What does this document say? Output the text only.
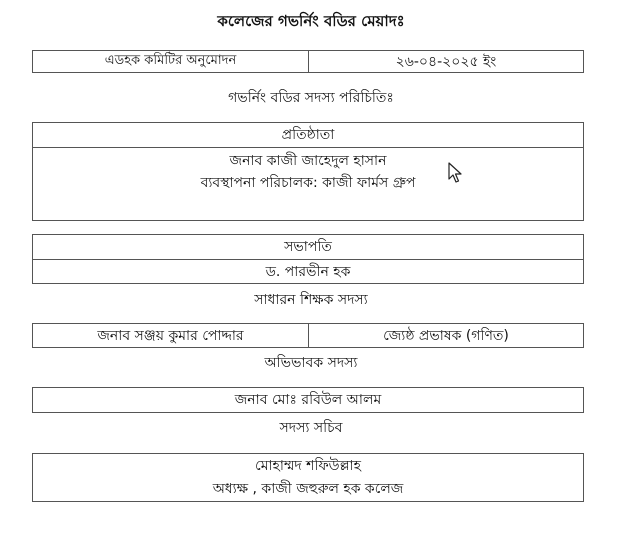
কলেজের গভর্নিং বডির মেয়াদঃ
এডহক কমিটির অনুমোদন	২৬-০৪-২০২৫ ইং
গভর্নিং বডির সদস্য পরিচিতিঃ
প্রতিষ্ঠাতা
জনাব কাজী জাহেদুল হাসান
ব্যবস্থাপনা পরিচালক: কাজী ফার্মস গ্রুপ
সভাপতি
ড. পারভীন হক
সাধারন শিক্ষক সদস্য
জনাব সঞ্জয় কুমার পোদ্দার	জ্যেষ্ঠ প্রভাষক (গণিত)
অভিভাবক সদস্য
জনাব মোঃ রবিউল আলম
সদস্য সচিব
মোহাম্মদ শফিউল্লাহ
অধ্যক্ষ , কাজী জহুরুল হক কলেজ
